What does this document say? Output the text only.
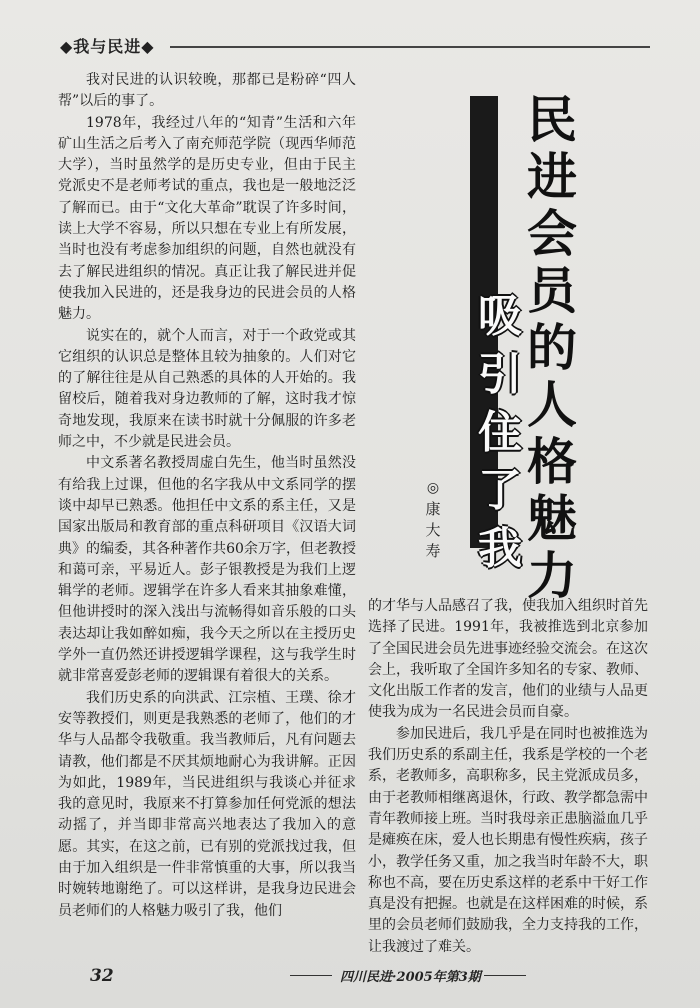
◆我与民进◆

我对民进的认识较晚，那都已是粉碎“四人帮”以后的事了。

1978年，我经过八年的“知青”生活和六年矿山生活之后考入了南充师范学院（现西华师范大学），当时虽然学的是历史专业，但由于民主党派史不是老师考试的重点，我也是一般地泛泛了解而已。由于“文化大革命”耽误了许多时间，读上大学不容易，所以只想在专业上有所发展，当时也没有考虑参加组织的问题，自然也就没有去了解民进组织的情况。真正让我了解民进并促使我加入民进的，还是我身边的民进会员的人格魅力。

说实在的，就个人而言，对于一个政党或其它组织的认识总是整体且较为抽象的。人们对它的了解往往是从自己熟悉的具体的人开始的。我留校后，随着我对身边教师的了解，这时我才惊奇地发现，我原来在读书时就十分佩服的许多老师之中，不少就是民进会员。

中文系著名教授周虚白先生，他当时虽然没有给我上过课，但他的名字我从中文系同学的摆谈中却早已熟悉。他担任中文系的系主任，又是国家出版局和教育部的重点科研项目《汉语大词典》的编委，其各种著作共60余万字，但老教授和蔼可亲，平易近人。彭子银教授是为我们上逻辑学的老师。逻辑学在许多人看来其抽象难懂，但他讲授时的深入浅出与流畅得如音乐般的口头表达却让我如醉如痴，我今天之所以在主授历史学外一直仍然还讲授逻辑学课程，这与我学生时就非常喜爱彭老师的逻辑课有着很大的关系。

我们历史系的向洪武、江宗植、王璞、徐才安等教授们，则更是我熟悉的老师了，他们的才华与人品都令我敬重。我当教师后，凡有问题去请教，他们都是不厌其烦地耐心为我讲解。正因为如此，1989年，当民进组织与我谈心并征求我的意见时，我原来不打算参加任何党派的想法动摇了，并当即非常高兴地表达了我加入的意愿。其实，在这之前，已有别的党派找过我，但由于加入组织是一件非常慎重的大事，所以我当时婉转地谢绝了。可以这样讲，是我身边民进会员老师们的人格魅力吸引了我，他们

民
进
会
员
的
人
格
魅
力
吸
引
住
了
我
◎
康
大
寿

的才华与人品感召了我，使我加入组织时首先选择了民进。1991年，我被推选到北京参加了全国民进会员先进事迹经验交流会。在这次会上，我听取了全国许多知名的专家、教师、文化出版工作者的发言，他们的业绩与人品更使我为成为一名民进会员而自豪。

参加民进后，我几乎是在同时也被推选为我们历史系的系副主任，我系是学校的一个老系，老教师多，高职称多，民主党派成员多，由于老教师相继离退休，行政、教学都急需中青年教师接上班。当时我母亲正患脑溢血几乎是瘫痪在床，爱人也长期患有慢性疾病，孩子小，教学任务又重，加之我当时年龄不大，职称也不高，要在历史系这样的老系中干好工作真是没有把握。也就是在这样困难的时候，系里的会员老师们鼓励我，全力支持我的工作，让我渡过了难关。

32	四川民进·2005年第3期
